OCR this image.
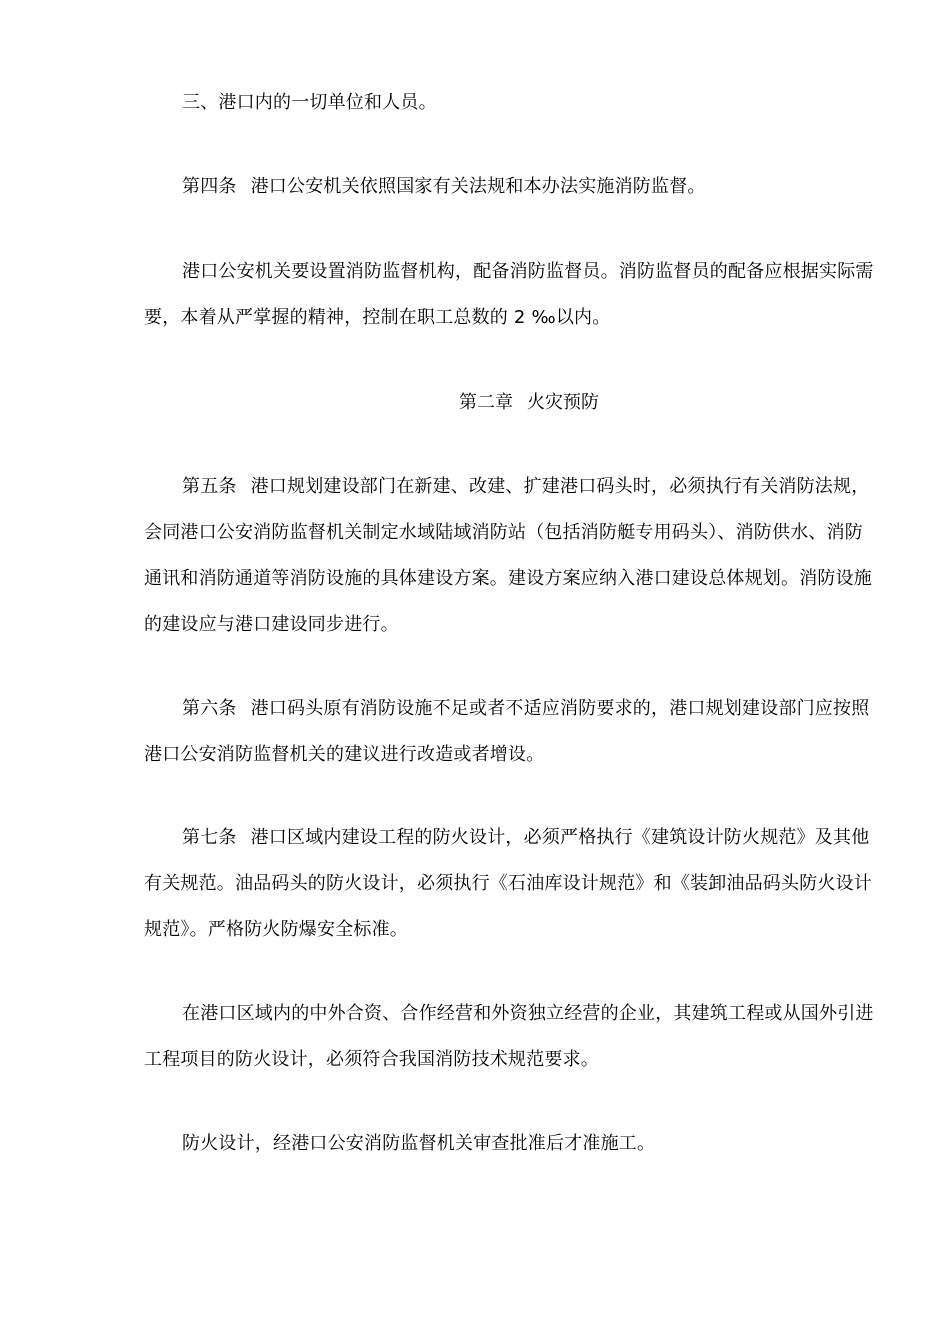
三、港口内的一切单位和人员。

第四条 港口公安机关依照国家有关法规和本办法实施消防监督。

港口公安机关要设置消防监督机构，配备消防监督员。消防监督员的配备应根据实际需要，本着从严掌握的精神，控制在职工总数的 2 ‰以内。

第二章 火灾预防

第五条 港口规划建设部门在新建、改建、扩建港口码头时，必须执行有关消防法规，会同港口公安消防监督机关制定水域陆域消防站（包括消防艇专用码头）、消防供水、消防通讯和消防通道等消防设施的具体建设方案。建设方案应纳入港口建设总体规划。消防设施的建设应与港口建设同步进行。

第六条 港口码头原有消防设施不足或者不适应消防要求的，港口规划建设部门应按照港口公安消防监督机关的建议进行改造或者增设。

第七条 港口区域内建设工程的防火设计，必须严格执行《建筑设计防火规范》及其他有关规范。油品码头的防火设计，必须执行《石油库设计规范》和《装卸油品码头防火设计规范》。严格防火防爆安全标准。

在港口区域内的中外合资、合作经营和外资独立经营的企业，其建筑工程或从国外引进工程项目的防火设计，必须符合我国消防技术规范要求。

防火设计，经港口公安消防监督机关审查批准后才准施工。
